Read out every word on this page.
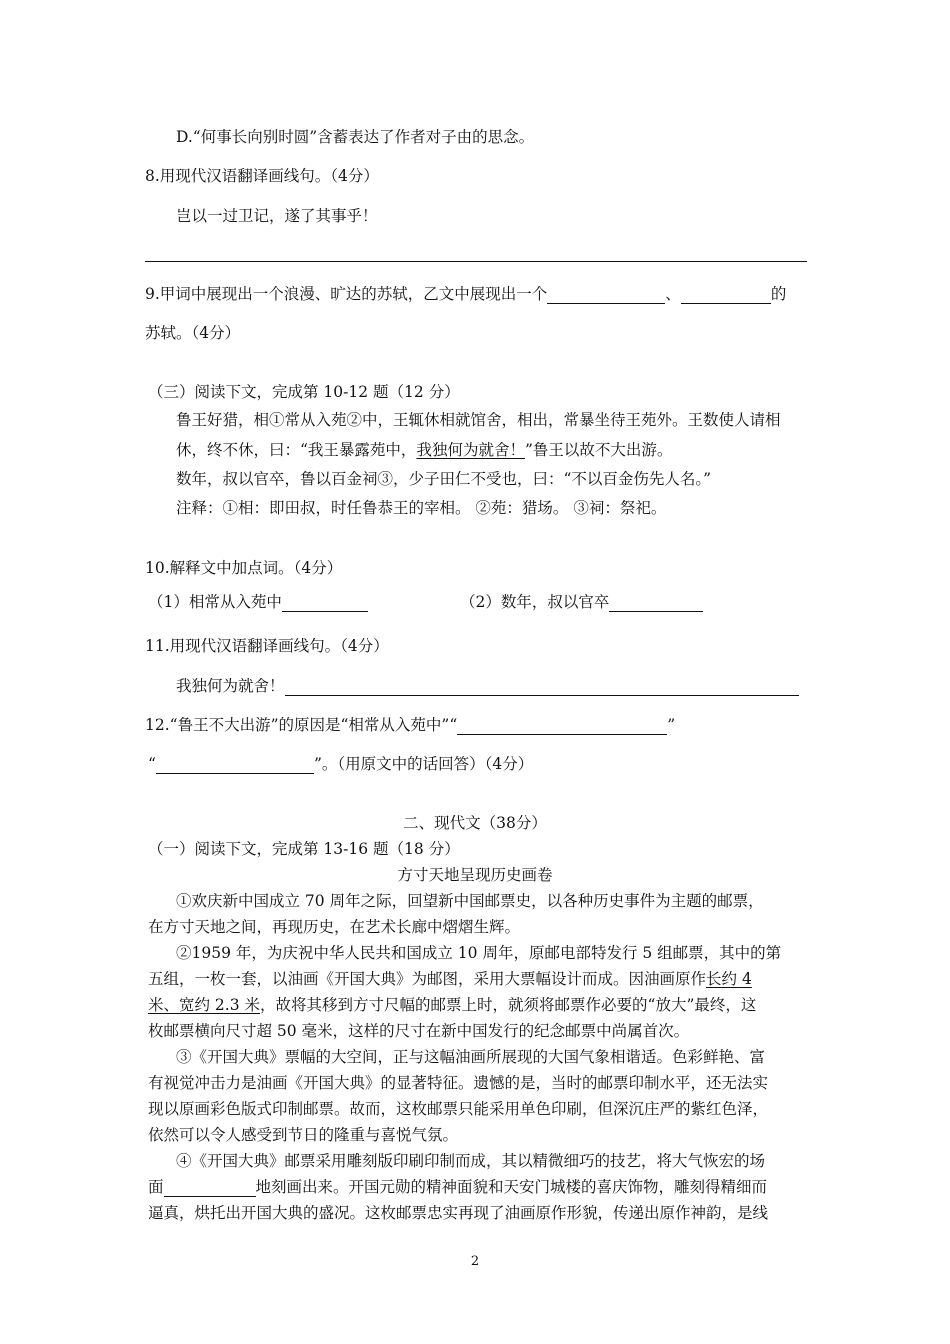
D.“何事长向别时圆”含蓄表达了作者对子由的思念。
8.用现代汉语翻译画线句。（4分）
岂以一过卫记，遂了其事乎！
9.甲词中展现出一个浪漫、旷达的苏轼，乙文中展现出一个	、	的
苏轼。（4分）
（三）阅读下文，完成第 10-12 题（12 分）
鲁王好猎，相①常从入苑②中，王辄休相就馆舍，相出，常暴坐待王苑外。王数使人请相
休，终不休，曰：“我王暴露苑中，我独何为就舍！”鲁王以故不大出游。
数年，叔以官卒，鲁以百金祠③，少子田仁不受也，曰：“不以百金伤先人名。”
注释：①相：即田叔，时任鲁恭王的宰相。 ②苑：猎场。 ③祠：祭祀。
10.解释文中加点词。（4分）
（1）相常从入苑中	（2）数年，叔以官卒
11.用现代汉语翻译画线句。（4分）
我独何为就舍！
12.“鲁王不大出游”的原因是“相常从入苑中”“	”
“	”。（用原文中的话回答）（4分）
二、现代文（38分）
（一）阅读下文，完成第 13-16 题（18 分）
方寸天地呈现历史画卷
①欢庆新中国成立 70 周年之际，回望新中国邮票史，以各种历史事件为主题的邮票，
在方寸天地之间，再现历史，在艺术长廊中熠熠生辉。
②1959 年，为庆祝中华人民共和国成立 10 周年，原邮电部特发行 5 组邮票，其中的第
五组，一枚一套，以油画《开国大典》为邮图，采用大票幅设计而成。因油画原作长约 4
米、宽约 2.3 米，故将其移到方寸尺幅的邮票上时，就须将邮票作必要的“放大”最终，这
枚邮票横向尺寸超 50 毫米，这样的尺寸在新中国发行的纪念邮票中尚属首次。
③《开国大典》票幅的大空间，正与这幅油画所展现的大国气象相谐适。色彩鲜艳、富
有视觉冲击力是油画《开国大典》的显著特征。遗憾的是，当时的邮票印制水平，还无法实
现以原画彩色版式印制邮票。故而，这枚邮票只能采用单色印刷，但深沉庄严的紫红色泽，
依然可以令人感受到节日的隆重与喜悦气氛。
④《开国大典》邮票采用雕刻版印刷印制而成，其以精微细巧的技艺，将大气恢宏的场
面	地刻画出来。开国元勋的精神面貌和天安门城楼的喜庆饰物，雕刻得精细而
逼真，烘托出开国大典的盛况。这枚邮票忠实再现了油画原作形貌，传递出原作神韵，是线
2
